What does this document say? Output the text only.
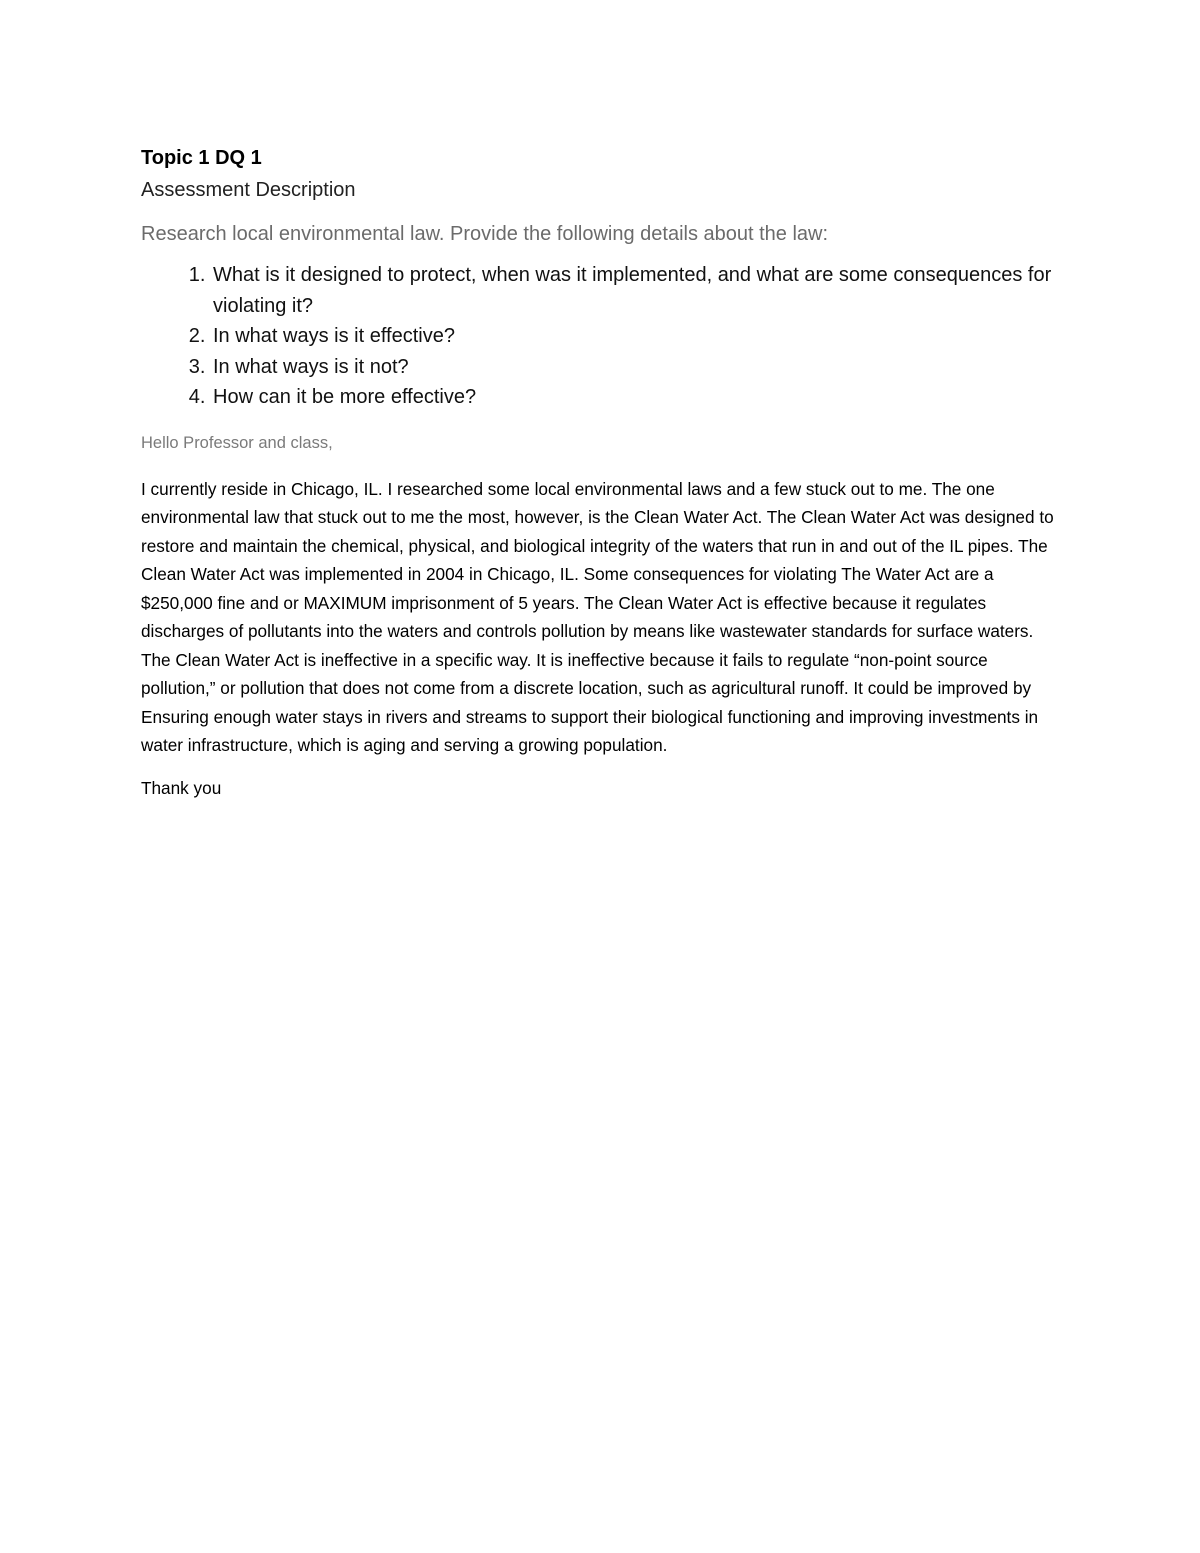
Topic 1 DQ 1

Assessment Description

Research local environmental law. Provide the following details about the law:

1. What is it designed to protect, when was it implemented, and what are some consequences for violating it?
2. In what ways is it effective?
3. In what ways is it not?
4. How can it be more effective?

Hello Professor and class,

I currently reside in Chicago, IL. I researched some local environmental laws and a few stuck out to me. The one environmental law that stuck out to me the most, however, is the Clean Water Act. The Clean Water Act was designed to restore and maintain the chemical, physical, and biological integrity of the waters that run in and out of the IL pipes. The Clean Water Act was implemented in 2004 in Chicago, IL. Some consequences for violating The Water Act are a $250,000 fine and or MAXIMUM imprisonment of 5 years. The Clean Water Act is effective because it regulates discharges of pollutants into the waters and controls pollution by means like wastewater standards for surface waters. The Clean Water Act is ineffective in a specific way. It is ineffective because it fails to regulate “non-point source pollution,” or pollution that does not come from a discrete location, such as agricultural runoff. It could be improved by Ensuring enough water stays in rivers and streams to support their biological functioning and improving investments in water infrastructure, which is aging and serving a growing population.

Thank you
